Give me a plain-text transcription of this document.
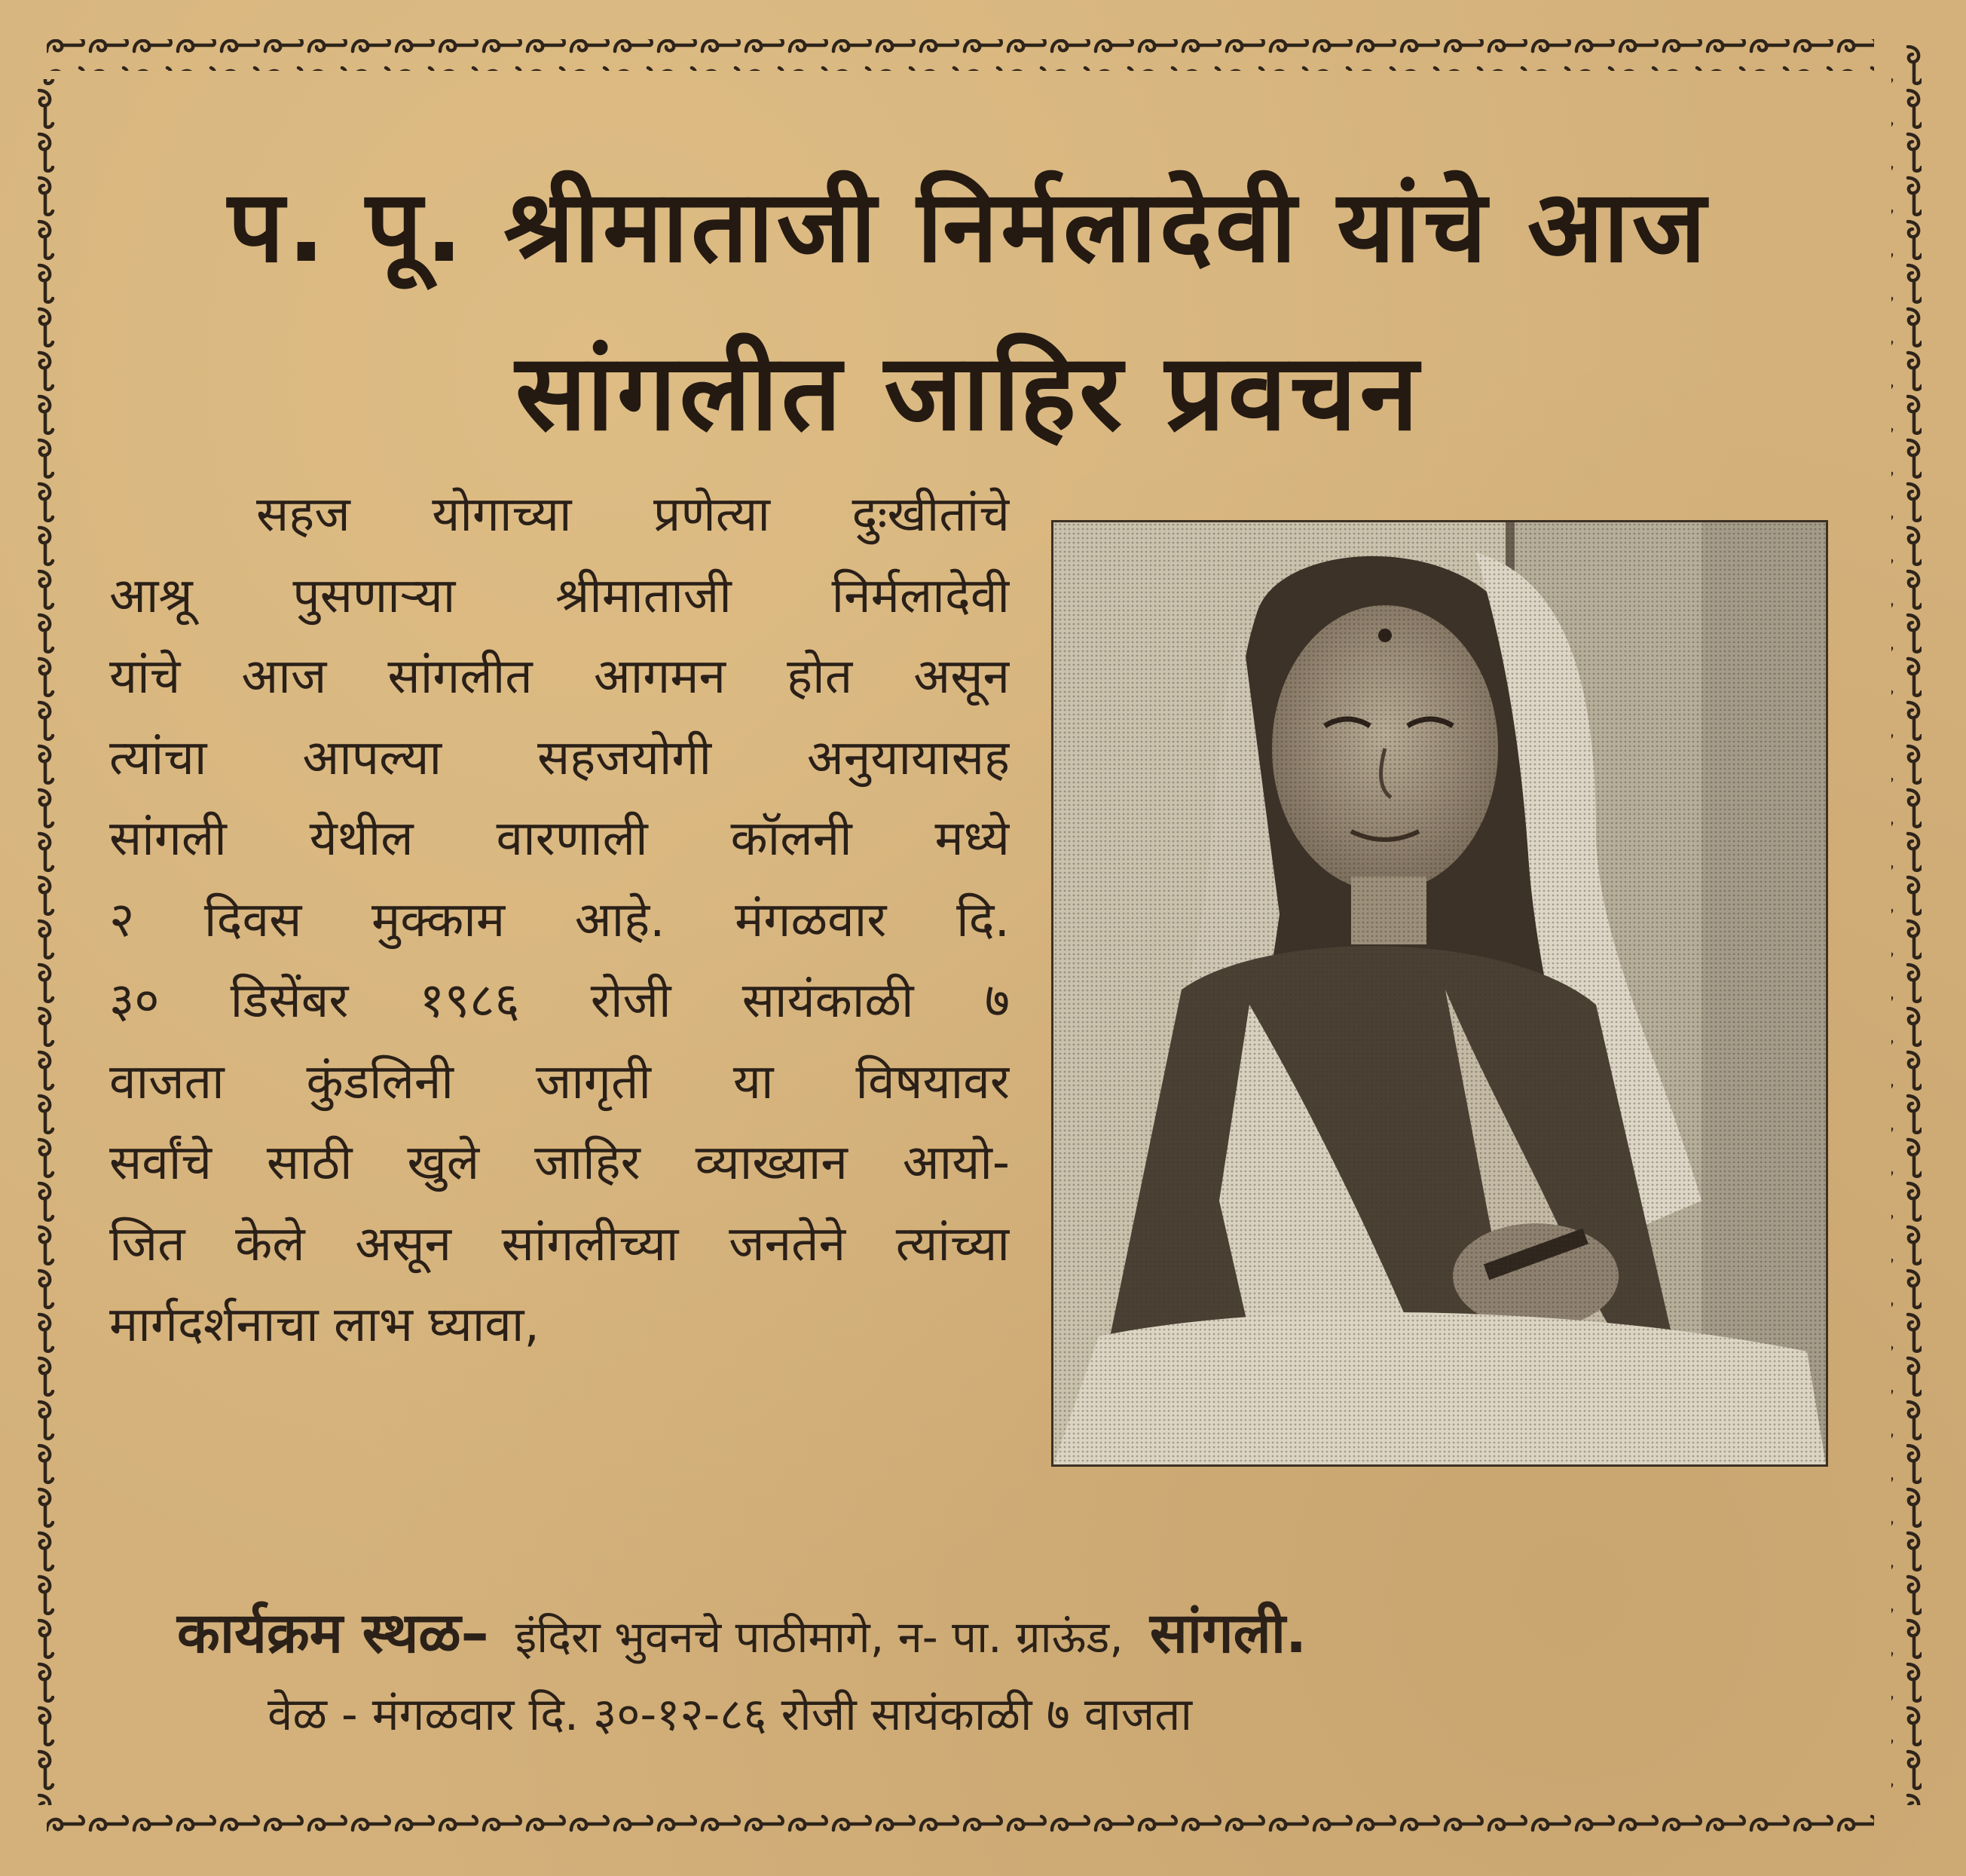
प. पू. श्रीमाताजी निर्मलादेवी यांचे आज
सांगलीत जाहिर प्रवचन
सहज योगाच्या प्रणेत्या दुःखीतांचे
आश्रू पुसणाऱ्या श्रीमाताजी निर्मलादेवी
यांचे आज सांगलीत आगमन होत असून
त्यांचा आपल्या सहजयोगी अनुयायासह
सांगली येथील वारणाली कॉलनी मध्ये
२ दिवस मुक्काम आहे. मंगळवार दि.
३० डिसेंबर १९८६ रोजी सायंकाळी ७
वाजता कुंडलिनी जागृती या विषयावर
सर्वांचे साठी खुले जाहिर व्याख्यान आयो-
जित केले असून सांगलीच्या जनतेने त्यांच्या
मार्गदर्शनाचा लाभ घ्यावा,
कार्यक्रम स्थळ– इंदिरा भुवनचे पाठीमागे, न- पा. ग्राऊंड, सांगली.
वेळ - मंगळवार दि. ३०-१२-८६ रोजी सायंकाळी ७ वाजता
